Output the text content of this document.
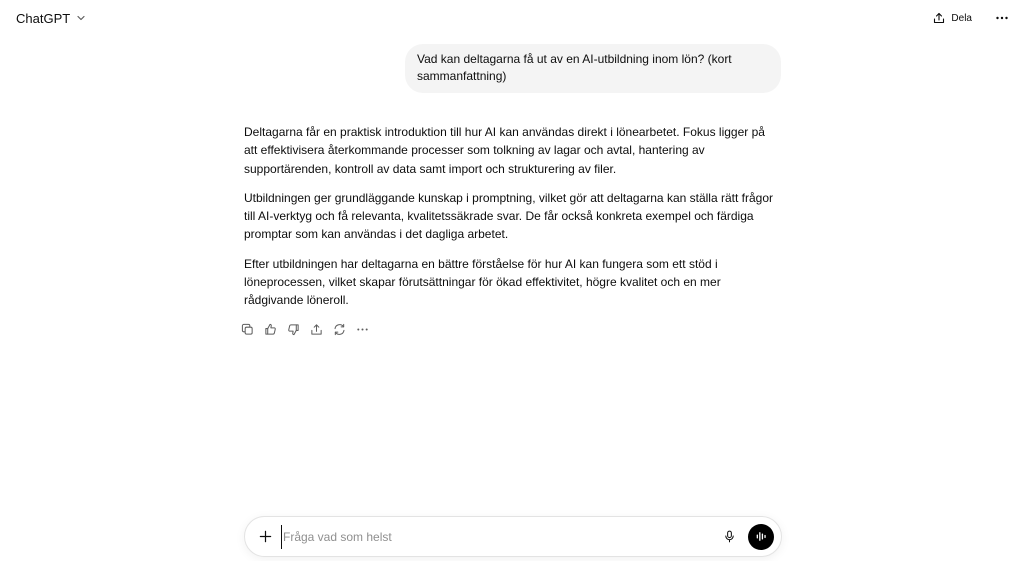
ChatGPT	Dela
Vad kan deltagarna få ut av en AI-utbildning inom lön? (kort sammanfattning)

Deltagarna får en praktisk introduktion till hur AI kan användas direkt i lönearbetet. Fokus ligger på att effektivisera återkommande processer som tolkning av lagar och avtal, hantering av supportärenden, kontroll av data samt import och strukturering av filer.

Utbildningen ger grundläggande kunskap i promptning, vilket gör att deltagarna kan ställa rätt frågor till AI-verktyg och få relevanta, kvalitetssäkrade svar. De får också konkreta exempel och färdiga promptar som kan användas i det dagliga arbetet.

Efter utbildningen har deltagarna en bättre förståelse för hur AI kan fungera som ett stöd i löneprocessen, vilket skapar förutsättningar för ökad effektivitet, högre kvalitet och en mer rådgivande löneroll.

Fråga vad som helst
